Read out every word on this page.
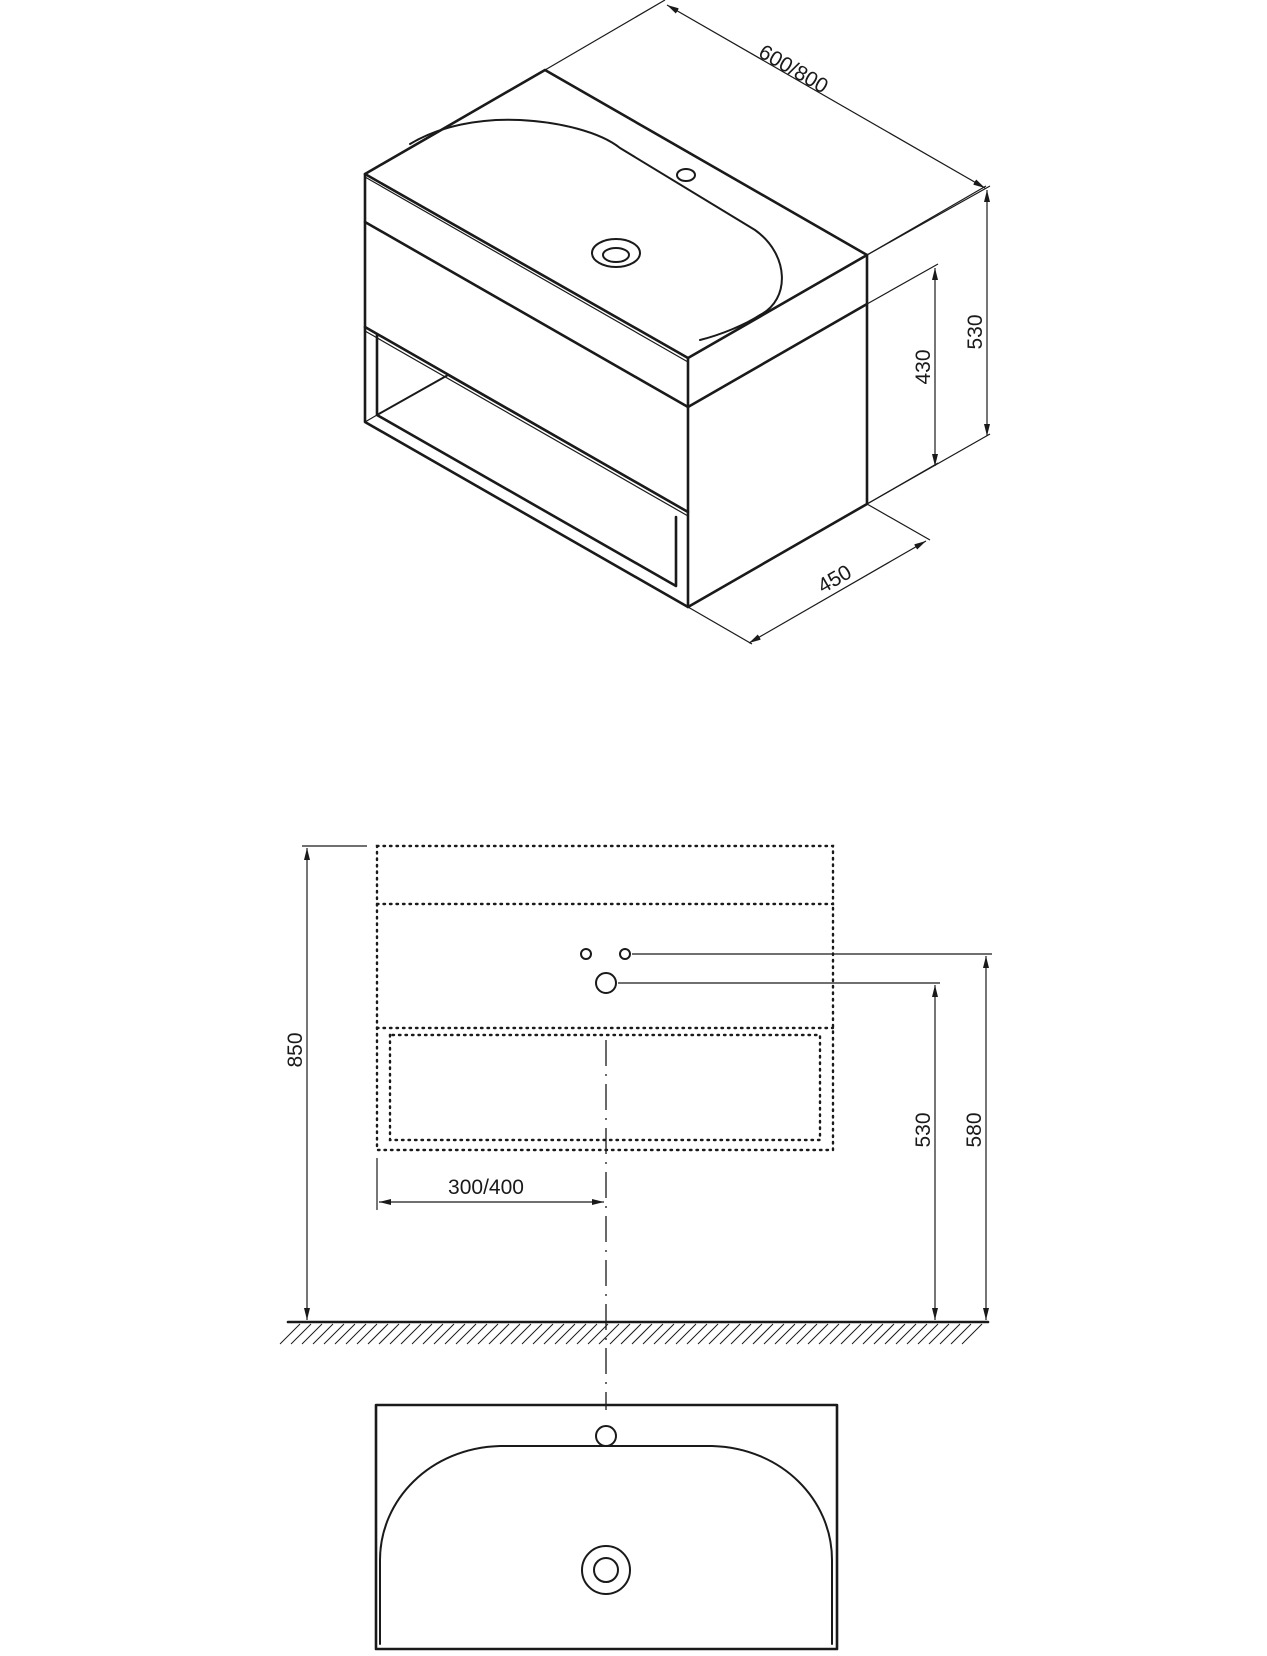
600/800
530
430
450
850
530 580
300/400
